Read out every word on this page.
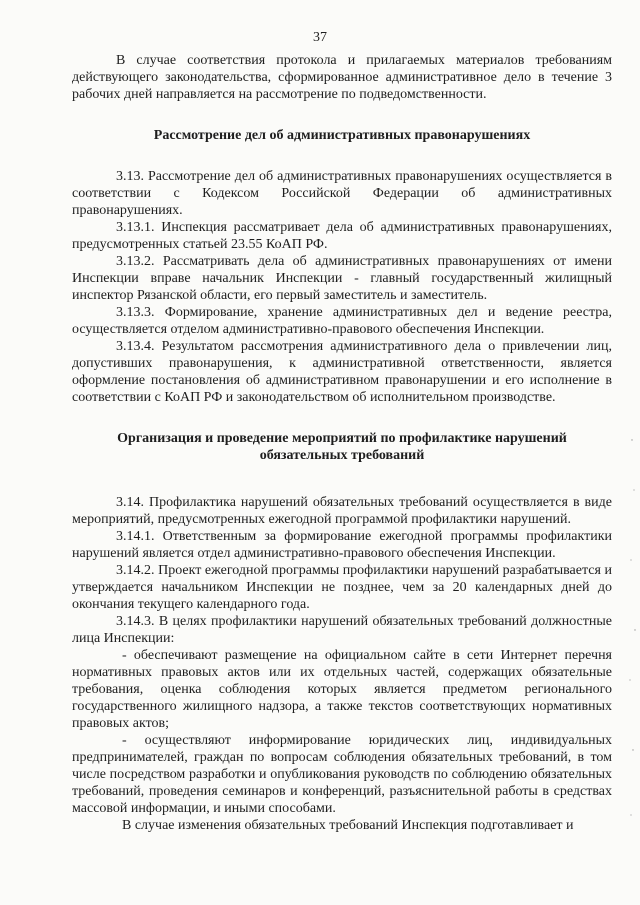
37

В случае соответствия протокола и прилагаемых материалов требованиям действующего законодательства, сформированное административное дело в течение 3 рабочих дней направляется на рассмотрение по подведомственности.

Рассмотрение дел об административных правонарушениях

3.13. Рассмотрение дел об административных правонарушениях осуществляется в соответствии с Кодексом Российской Федерации об административных правонарушениях.

3.13.1. Инспекция рассматривает дела об административных правонарушениях, предусмотренных статьей 23.55 КоАП РФ.

3.13.2. Рассматривать дела об административных правонарушениях от имени Инспекции вправе начальник Инспекции - главный государственный жилищный инспектор Рязанской области, его первый заместитель и заместитель.

3.13.3. Формирование, хранение административных дел и ведение реестра, осуществляется отделом административно-правового обеспечения Инспекции.

3.13.4. Результатом рассмотрения административного дела о привлечении лиц, допустивших правонарушения, к административной ответственности, является оформление постановления об административном правонарушении и его исполнение в соответствии с КоАП РФ и законодательством об исполнительном производстве.

Организация и проведение мероприятий по профилактике нарушений обязательных требований

3.14. Профилактика нарушений обязательных требований осуществляется в виде мероприятий, предусмотренных ежегодной программой профилактики нарушений.

3.14.1. Ответственным за формирование ежегодной программы профилактики нарушений является отдел административно-правового обеспечения Инспекции.

3.14.2. Проект ежегодной программы профилактики нарушений разрабатывается и утверждается начальником Инспекции не позднее, чем за 20 календарных дней до окончания текущего календарного года.

3.14.3. В целях профилактики нарушений обязательных требований должностные лица Инспекции:

- обеспечивают размещение на официальном сайте в сети Интернет перечня нормативных правовых актов или их отдельных частей, содержащих обязательные требования, оценка соблюдения которых является предметом регионального государственного жилищного надзора, а также текстов соответствующих нормативных правовых актов;

- осуществляют информирование юридических лиц, индивидуальных предпринимателей, граждан по вопросам соблюдения обязательных требований, в том числе посредством разработки и опубликования руководств по соблюдению обязательных требований, проведения семинаров и конференций, разъяснительной работы в средствах массовой информации, и иными способами.

В случае изменения обязательных требований Инспекция подготавливает и
